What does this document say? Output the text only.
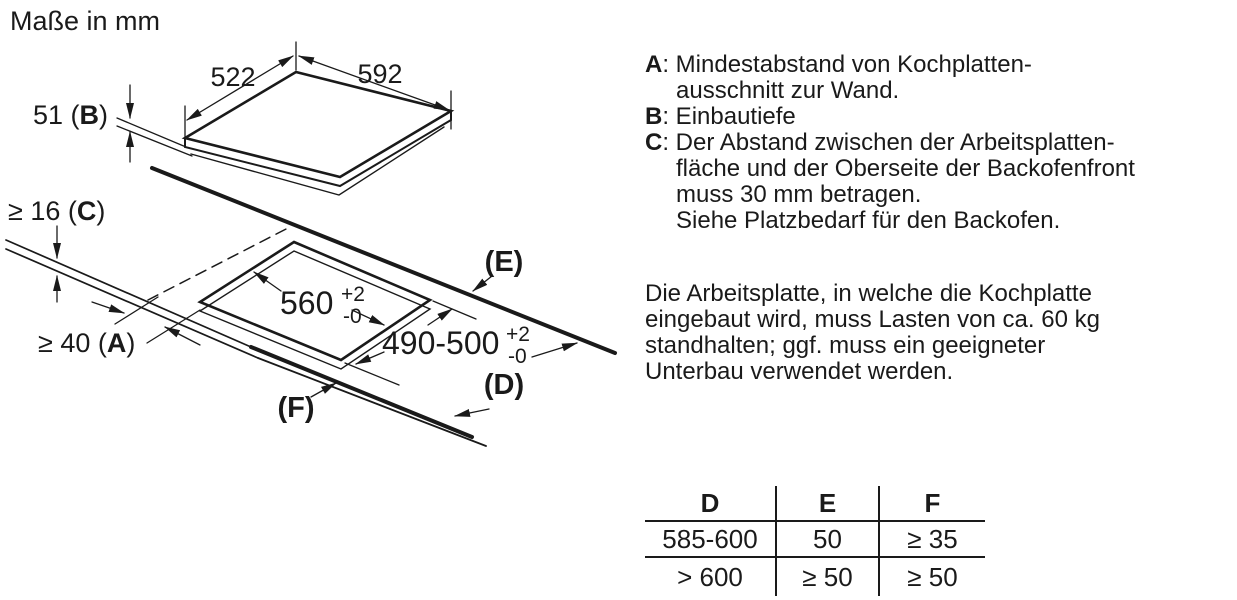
Maße in mm
522	592
51 (B)
≥ 16 (C)
≥ 40 (A)
560 +2
-0
490-500 +2
-0
(E)
(D)
(F)
A: Mindestabstand von Kochplatten-
ausschnitt zur Wand.
B: Einbautiefe
C: Der Abstand zwischen der Arbeitsplatten-
fläche und der Oberseite der Backofenfront
muss 30 mm betragen.
Siehe Platzbedarf für den Backofen.
Die Arbeitsplatte, in welche die Kochplatte
eingebaut wird, muss Lasten von ca. 60 kg
standhalten; ggf. muss ein geeigneter
Unterbau verwendet werden.
D	E	F
585-600	50	≥ 35
> 600	≥ 50	≥ 50
